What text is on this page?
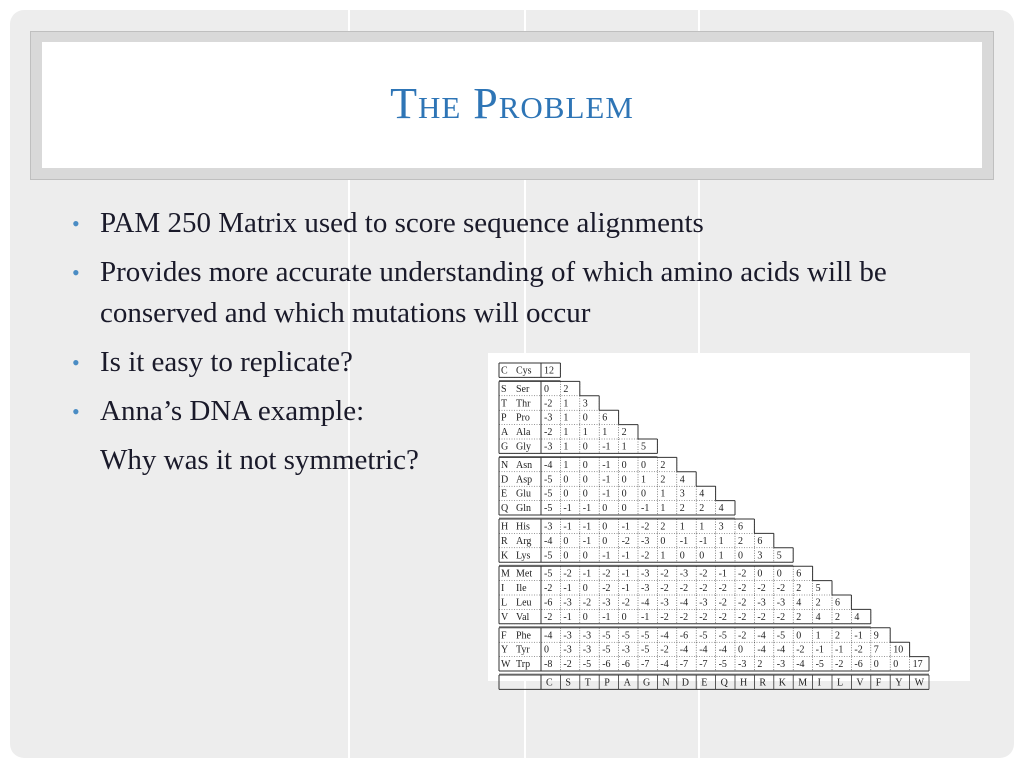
The Problem
• PAM 250 Matrix used to score sequence alignments
• Provides more accurate understanding of which amino acids will be conserved and which mutations will occur
• Is it easy to replicate?
• Anna’s DNA example:
Why was it not symmetric?
C Cys 12
S Ser 0 2
T Thr -2 1 3
P Pro -3 1 0 6
A Ala -2 1 1 1 2
G Gly -3 1 0 -1 1 5
N Asn -4 1 0 -1 0 0 2
D Asp -5 0 0 -1 0 1 2 4
E Glu -5 0 0 -1 0 0 1 3 4
Q Gln -5 -1 -1 0 0 -1 1 2 2 4
H His -3 -1 -1 0 -1 -2 2 1 1 3 6
R Arg -4 0 -1 0 -2 -3 0 -1 -1 1 2 6
K Lys -5 0 0 -1 -1 -2 1 0 0 1 0 3 5
M Met -5 -2 -1 -2 -1 -3 -2 -3 -2 -1 -2 0 0 6
I Ile -2 -1 0 -2 -1 -3 -2 -2 -2 -2 -2 -2 -2 2 5
L Leu -6 -3 -2 -3 -2 -4 -3 -4 -3 -2 -2 -3 -3 4 2 6
V Val -2 -1 0 -1 0 -1 -2 -2 -2 -2 -2 -2 -2 2 4 2 4
F Phe -4 -3 -3 -5 -5 -5 -4 -6 -5 -5 -2 -4 -5 0 1 2 -1 9
Y Tyr 0 -3 -3 -5 -3 -5 -2 -4 -4 -4 0 -4 -4 -2 -1 -1 -2 7 10
W Trp -8 -2 -5 -6 -6 -7 -4 -7 -7 -5 -3 2 -3 -4 -5 -2 -6 0 0 17
C S T P A G N D E Q H R K M I L V F Y W
